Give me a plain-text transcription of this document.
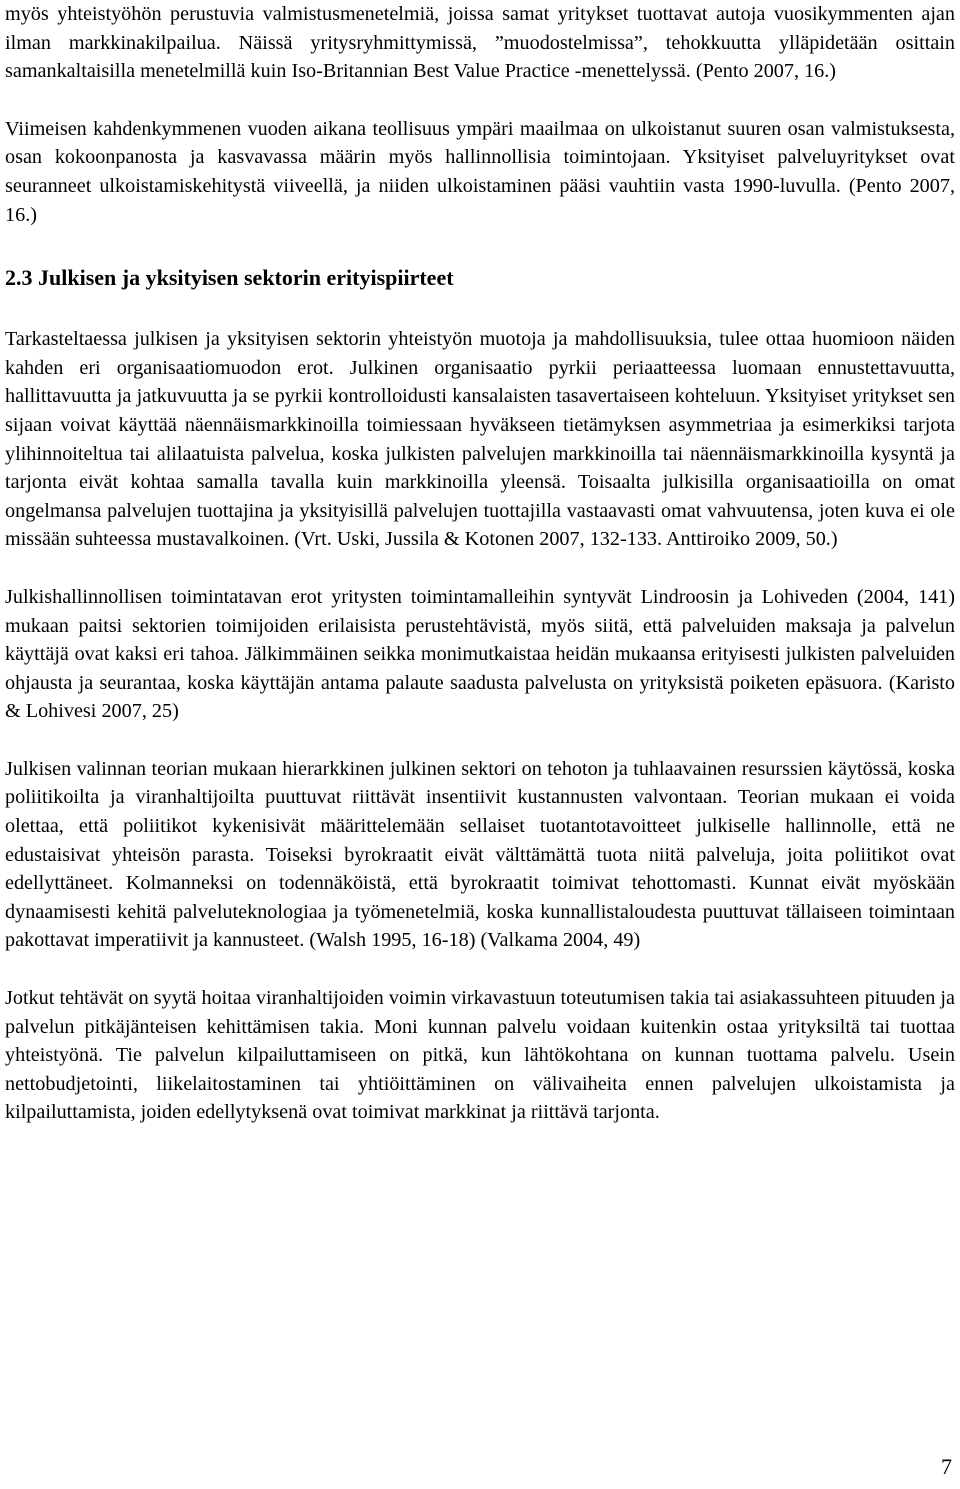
myös yhteistyöhön perustuvia valmistusmenetelmiä, joissa samat yritykset tuottavat autoja vuosikymmenten ajan ilman markkinakilpailua. Näissä yritysryhmittymissä, ”muodostelmissa”, tehokkuutta ylläpidetään osittain samankaltaisilla menetelmillä kuin Iso-Britannian Best Value Practice -menettelyssä. (Pento 2007, 16.)

Viimeisen kahdenkymmenen vuoden aikana teollisuus ympäri maailmaa on ulkoistanut suuren osan valmistuksesta, osan kokoonpanosta ja kasvavassa määrin myös hallinnollisia toimintojaan. Yksityiset palveluyritykset ovat seuranneet ulkoistamiskehitystä viiveellä, ja niiden ulkoistaminen pääsi vauhtiin vasta 1990-luvulla. (Pento 2007, 16.)

2.3 Julkisen ja yksityisen sektorin erityispiirteet

Tarkasteltaessa julkisen ja yksityisen sektorin yhteistyön muotoja ja mahdollisuuksia, tulee ottaa huomioon näiden kahden eri organisaatiomuodon erot. Julkinen organisaatio pyrkii periaatteessa luomaan ennustettavuutta, hallittavuutta ja jatkuvuutta ja se pyrkii kontrolloidusti kansalaisten tasavertaiseen kohteluun. Yksityiset yritykset sen sijaan voivat käyttää näennäismarkkinoilla toimiessaan hyväkseen tietämyksen asymmetriaa ja esimerkiksi tarjota ylihinnoiteltua tai alilaatuista palvelua, koska julkisten palvelujen markkinoilla tai näennäismarkkinoilla kysyntä ja tarjonta eivät kohtaa samalla tavalla kuin markkinoilla yleensä. Toisaalta julkisilla organisaatioilla on omat ongelmansa palvelujen tuottajina ja yksityisillä palvelujen tuottajilla vastaavasti omat vahvuutensa, joten kuva ei ole missään suhteessa mustavalkoinen. (Vrt. Uski, Jussila & Kotonen 2007, 132-133. Anttiroiko 2009, 50.)

Julkishallinnollisen toimintatavan erot yritysten toimintamalleihin syntyvät Lindroosin ja Lohiveden (2004, 141) mukaan paitsi sektorien toimijoiden erilaisista perustehtävistä, myös siitä, että palveluiden maksaja ja palvelun käyttäjä ovat kaksi eri tahoa. Jälkimmäinen seikka monimutkaistaa heidän mukaansa erityisesti julkisten palveluiden ohjausta ja seurantaa, koska käyttäjän antama palaute saadusta palvelusta on yrityksistä poiketen epäsuora. (Karisto & Lohivesi 2007, 25)

Julkisen valinnan teorian mukaan hierarkkinen julkinen sektori on tehoton ja tuhlaavainen resurssien käytössä, koska poliitikoilta ja viranhaltijoilta puuttuvat riittävät insentiivit kustannusten valvontaan. Teorian mukaan ei voida olettaa, että poliitikot kykenisivät määrittelemään sellaiset tuotantotavoitteet julkiselle hallinnolle, että ne edustaisivat yhteisön parasta. Toiseksi byrokraatit eivät välttämättä tuota niitä palveluja, joita poliitikot ovat edellyttäneet. Kolmanneksi on todennäköistä, että byrokraatit toimivat tehottomasti. Kunnat eivät myöskään dynaamisesti kehitä palveluteknologiaa ja työmenetelmiä, koska kunnallistaloudesta puuttuvat tällaiseen toimintaan pakottavat imperatiivit ja kannusteet. (Walsh 1995, 16-18) (Valkama 2004, 49)

Jotkut tehtävät on syytä hoitaa viranhaltijoiden voimin virkavastuun toteutumisen takia tai asiakassuhteen pituuden ja palvelun pitkäjänteisen kehittämisen takia. Moni kunnan palvelu voidaan kuitenkin ostaa yrityksiltä tai tuottaa yhteistyönä. Tie palvelun kilpailuttamiseen on pitkä, kun lähtökohtana on kunnan tuottama palvelu. Usein nettobudjetointi, liikelaitostaminen tai yhtiöittäminen on välivaiheita ennen palvelujen ulkoistamista ja kilpailuttamista, joiden edellytyksenä ovat toimivat markkinat ja riittävä tarjonta.

7
